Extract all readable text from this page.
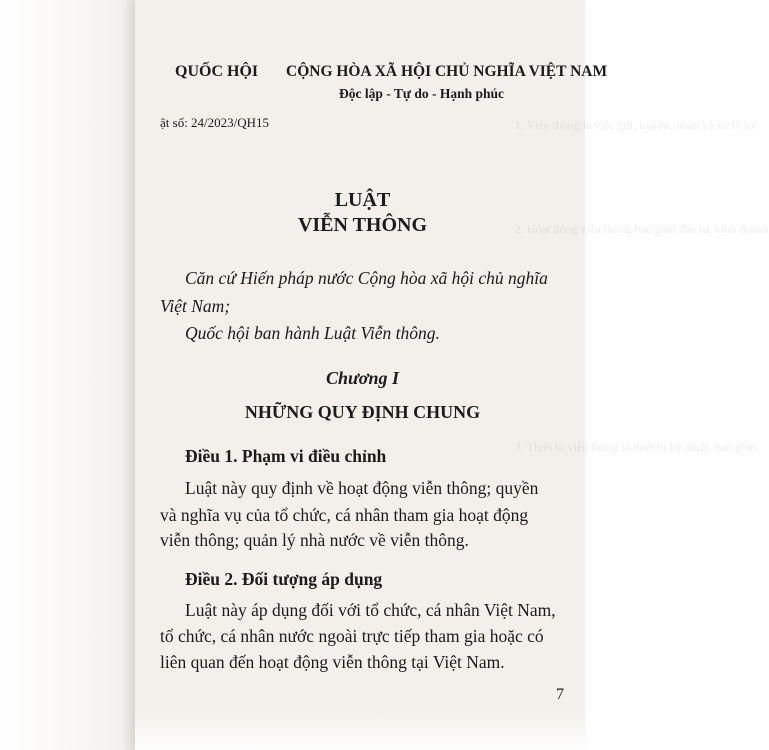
1. Viễn thông là việc gửi, truyền, nhận và xử lý ký
2. Hoạt động viễn thông bao gồm đầu tư, kinh doanh
3. Thiết bị viễn thông là thiết bị kỹ thuật, bao gồm
QUỐC HỘI CỘNG HÒA XÃ HỘI CHỦ NGHĨA VIỆT NAM
Độc lập - Tự do - Hạnh phúc
ật số: 24/2023/QH15
LUẬT
VIỄN THÔNG
Căn cứ Hiến pháp nước Cộng hòa xã hội chủ nghĩa
Việt Nam;
Quốc hội ban hành Luật Viễn thông.
Chương I
NHỮNG QUY ĐỊNH CHUNG
Điều 1. Phạm vi điều chỉnh
Luật này quy định về hoạt động viễn thông; quyền
và nghĩa vụ của tổ chức, cá nhân tham gia hoạt động
viễn thông; quản lý nhà nước về viễn thông.
Điều 2. Đối tượng áp dụng
Luật này áp dụng đối với tổ chức, cá nhân Việt Nam,
tổ chức, cá nhân nước ngoài trực tiếp tham gia hoặc có
liên quan đến hoạt động viễn thông tại Việt Nam.
7
